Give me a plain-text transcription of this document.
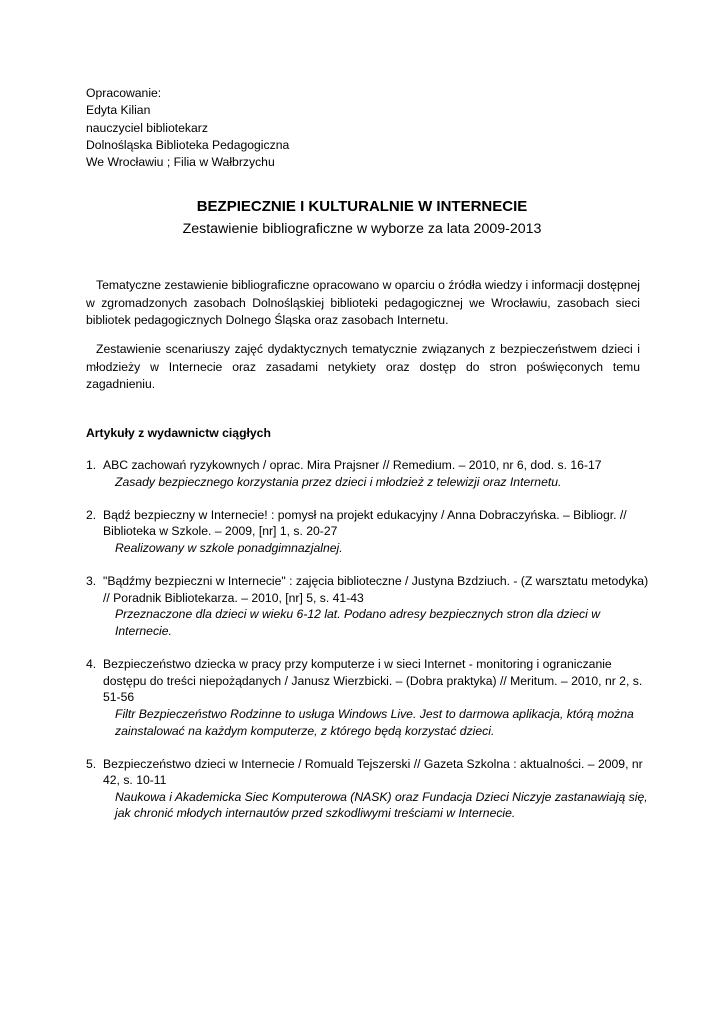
Opracowanie:
Edyta Kilian
nauczyciel bibliotekarz
Dolnośląska Biblioteka Pedagogiczna
We Wrocławiu ; Filia w Wałbrzychu
BEZPIECZNIE I KULTURALNIE W INTERNECIE
Zestawienie bibliograficzne w wyborze za lata 2009-2013

Tematyczne zestawienie bibliograficzne opracowano w oparciu o źródła wiedzy i informacji dostępnej w zgromadzonych zasobach Dolnośląskiej biblioteki pedagogicznej we Wrocławiu, zasobach sieci bibliotek pedagogicznych Dolnego Śląska oraz zasobach Internetu.

Zestawienie scenariuszy zajęć dydaktycznych tematycznie związanych z bezpieczeństwem dzieci i młodzieży w Internecie oraz zasadami netykiety oraz dostęp do stron poświęconych temu zagadnieniu.

Artykuły z wydawnictw ciągłych
1. ABC zachowań ryzykownych / oprac. Mira Prajsner // Remedium. – 2010, nr 6, dod. s. 16-17
Zasady bezpiecznego korzystania przez dzieci i młodzież z telewizji oraz Internetu.
2. Bądź bezpieczny w Internecie! : pomysł na projekt edukacyjny / Anna Dobraczyńska. – Bibliogr. // Biblioteka w Szkole. – 2009, [nr] 1, s. 20-27
Realizowany w szkole ponadgimnazjalnej.
3. "Bądźmy bezpieczni w Internecie" : zajęcia biblioteczne / Justyna Bzdziuch. - (Z warsztatu metodyka) // Poradnik Bibliotekarza. – 2010, [nr] 5, s. 41-43
Przeznaczone dla dzieci w wieku 6-12 lat. Podano adresy bezpiecznych stron dla dzieci w Internecie.
4. Bezpieczeństwo dziecka w pracy przy komputerze i w sieci Internet - monitoring i ograniczanie dostępu do treści niepożądanych / Janusz Wierzbicki. – (Dobra praktyka) // Meritum. – 2010, nr 2, s. 51-56
Filtr Bezpieczeństwo Rodzinne to usługa Windows Live. Jest to darmowa aplikacja, którą można zainstalować na każdym komputerze, z którego będą korzystać dzieci.
5. Bezpieczeństwo dzieci w Internecie / Romuald Tejszerski // Gazeta Szkolna : aktualności. – 2009, nr 42, s. 10-11
Naukowa i Akademicka Siec Komputerowa (NASK) oraz Fundacja Dzieci Niczyje zastanawiają się, jak chronić młodych internautów przed szkodliwymi treściami w Internecie.
